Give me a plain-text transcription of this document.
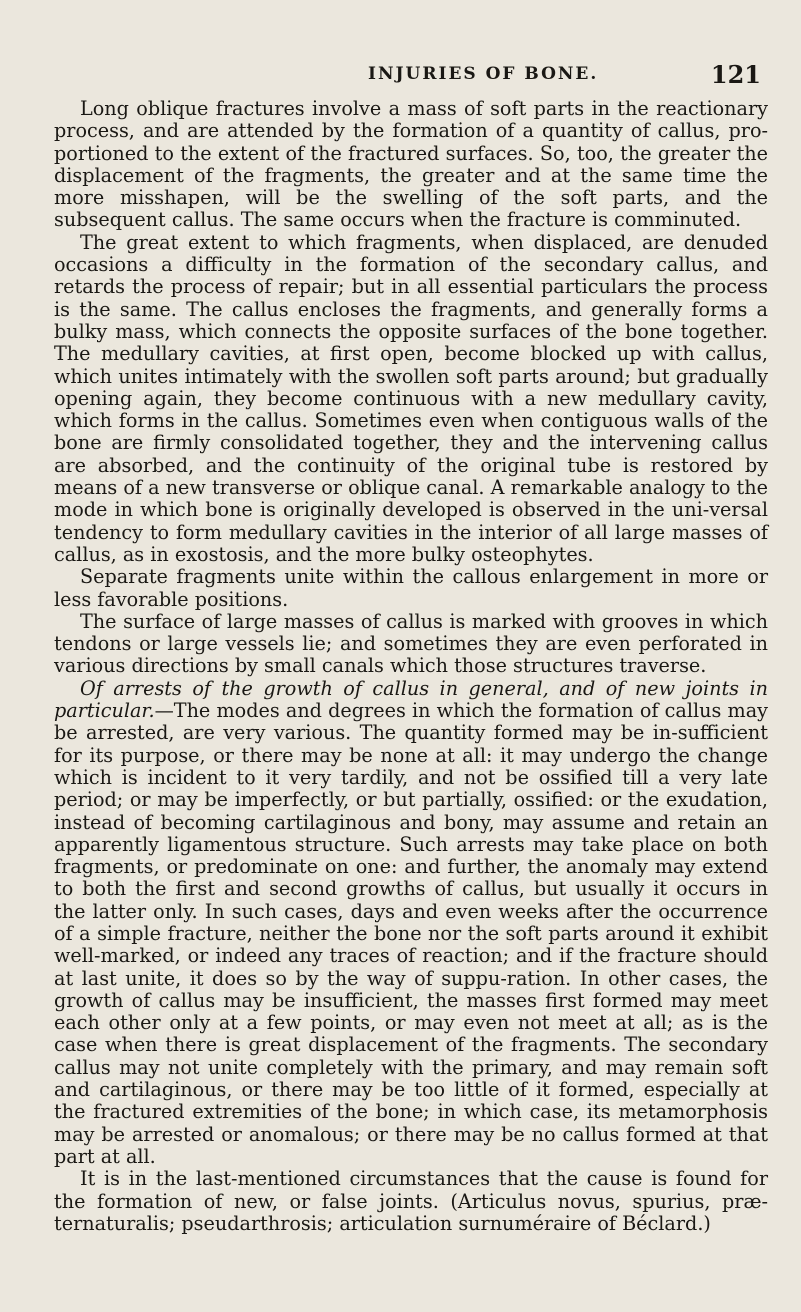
INJURIES OF BONE.	121

Long oblique fractures involve a mass of soft parts in the reactionary process, and are attended by the formation of a quantity of callus, pro-portioned to the extent of the fractured surfaces. So, too, the greater the displacement of the fragments, the greater and at the same time the more misshapen, will be the swelling of the soft parts, and the subsequent callus. The same occurs when the fracture is comminuted.

The great extent to which fragments, when displaced, are denuded occasions a difficulty in the formation of the secondary callus, and retards the process of repair; but in all essential particulars the process is the same. The callus encloses the fragments, and generally forms a bulky mass, which connects the opposite surfaces of the bone together. The medullary cavities, at first open, become blocked up with callus, which unites intimately with the swollen soft parts around; but gradually opening again, they become continuous with a new medullary cavity, which forms in the callus. Sometimes even when contiguous walls of the bone are firmly consolidated together, they and the intervening callus are absorbed, and the continuity of the original tube is restored by means of a new transverse or oblique canal. A remarkable analogy to the mode in which bone is originally developed is observed in the uni-versal tendency to form medullary cavities in the interior of all large masses of callus, as in exostosis, and the more bulky osteophytes.

Separate fragments unite within the callous enlargement in more or less favorable positions.

The surface of large masses of callus is marked with grooves in which tendons or large vessels lie; and sometimes they are even perforated in various directions by small canals which those structures traverse.

Of arrests of the growth of callus in general, and of new joints in particular.—The modes and degrees in which the formation of callus may be arrested, are very various. The quantity formed may be in-sufficient for its purpose, or there may be none at all: it may undergo the change which is incident to it very tardily, and not be ossified till a very late period; or may be imperfectly, or but partially, ossified: or the exudation, instead of becoming cartilaginous and bony, may assume and retain an apparently ligamentous structure. Such arrests may take place on both fragments, or predominate on one: and further, the anomaly may extend to both the first and second growths of callus, but usually it occurs in the latter only. In such cases, days and even weeks after the occurrence of a simple fracture, neither the bone nor the soft parts around it exhibit well-marked, or indeed any traces of reaction; and if the fracture should at last unite, it does so by the way of suppu-ration. In other cases, the growth of callus may be insufficient, the masses first formed may meet each other only at a few points, or may even not meet at all; as is the case when there is great displacement of the fragments. The secondary callus may not unite completely with the primary, and may remain soft and cartilaginous, or there may be too little of it formed, especially at the fractured extremities of the bone; in which case, its metamorphosis may be arrested or anomalous; or there may be no callus formed at that part at all.

It is in the last-mentioned circumstances that the cause is found for the formation of new, or false joints. (Articulus novus, spurius, præ-ternaturalis; pseudarthrosis; articulation surnuméraire of Béclard.)
